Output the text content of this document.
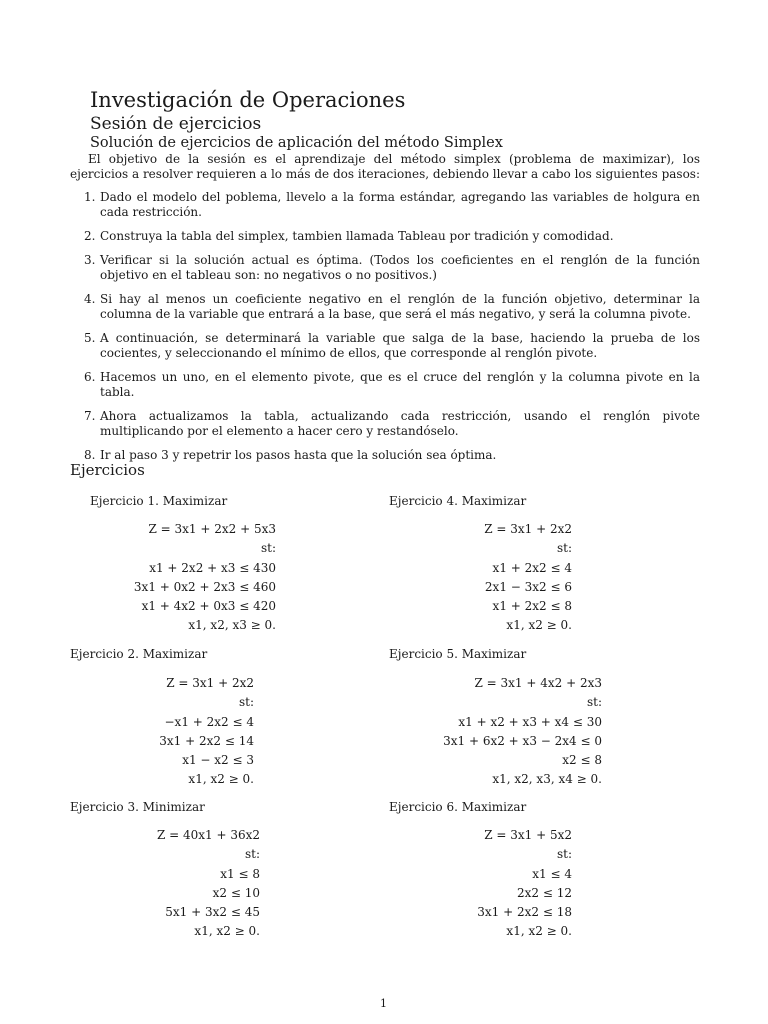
Investigación de Operaciones
Sesión de ejercicios
Solución de ejercicios de aplicación del método Simplex
El objetivo de la sesión es el aprendizaje del método simplex (problema de maximizar), los ejercicios a resolver requieren a lo más de dos iteraciones, debiendo llevar a cabo los siguientes pasos:
1. Dado el modelo del poblema, llevelo a la forma estándar, agregando las variables de holgura en cada restricción.
2. Construya la tabla del simplex, tambien llamada Tableau por tradición y comodidad.
3. Verificar si la solución actual es óptima. (Todos los coeficientes en el renglón de la función objetivo en el tableau son: no negativos o no positivos.)
4. Si hay al menos un coeficiente negativo en el renglón de la función objetivo, determinar la columna de la variable que entrará a la base, que será el más negativo, y será la columna pivote.
5. A continuación, se determinará la variable que salga de la base, haciendo la prueba de los cocientes, y seleccionando el mínimo de ellos, que corresponde al renglón pivote.
6. Hacemos un uno, en el elemento pivote, que es el cruce del renglón y la columna pivote en la tabla.
7. Ahora actualizamos la tabla, actualizando cada restricción, usando el renglón pivote multiplicando por el elemento a hacer cero y restandóselo.
8. Ir al paso 3 y repetrir los pasos hasta que la solución sea óptima.
Ejercicios
Ejercicio 1. Maximizar
Z = 3x1 + 2x2 + 5x3
st:
x1 + 2x2 + x3 ≤ 430
3x1 + 0x2 + 2x3 ≤ 460
x1 + 4x2 + 0x3 ≤ 420
x1, x2, x3 ≥ 0.
Ejercicio 2. Maximizar
Z = 3x1 + 2x2
st:
−x1 + 2x2 ≤ 4
3x1 + 2x2 ≤ 14
x1 − x2 ≤ 3
x1, x2 ≥ 0.
Ejercicio 3. Minimizar
Z = 40x1 + 36x2
st:
x1 ≤ 8
x2 ≤ 10
5x1 + 3x2 ≤ 45
x1, x2 ≥ 0.
Ejercicio 4. Maximizar
Z = 3x1 + 2x2
st:
x1 + 2x2 ≤ 4
2x1 − 3x2 ≤ 6
x1 + 2x2 ≤ 8
x1, x2 ≥ 0.
Ejercicio 5. Maximizar
Z = 3x1 + 4x2 + 2x3
st:
x1 + x2 + x3 + x4 ≤ 30
3x1 + 6x2 + x3 − 2x4 ≤ 0
x2 ≤ 8
x1, x2, x3, x4 ≥ 0.
Ejercicio 6. Maximizar
Z = 3x1 + 5x2
st:
x1 ≤ 4
2x2 ≤ 12
3x1 + 2x2 ≤ 18
x1, x2 ≥ 0.
1
